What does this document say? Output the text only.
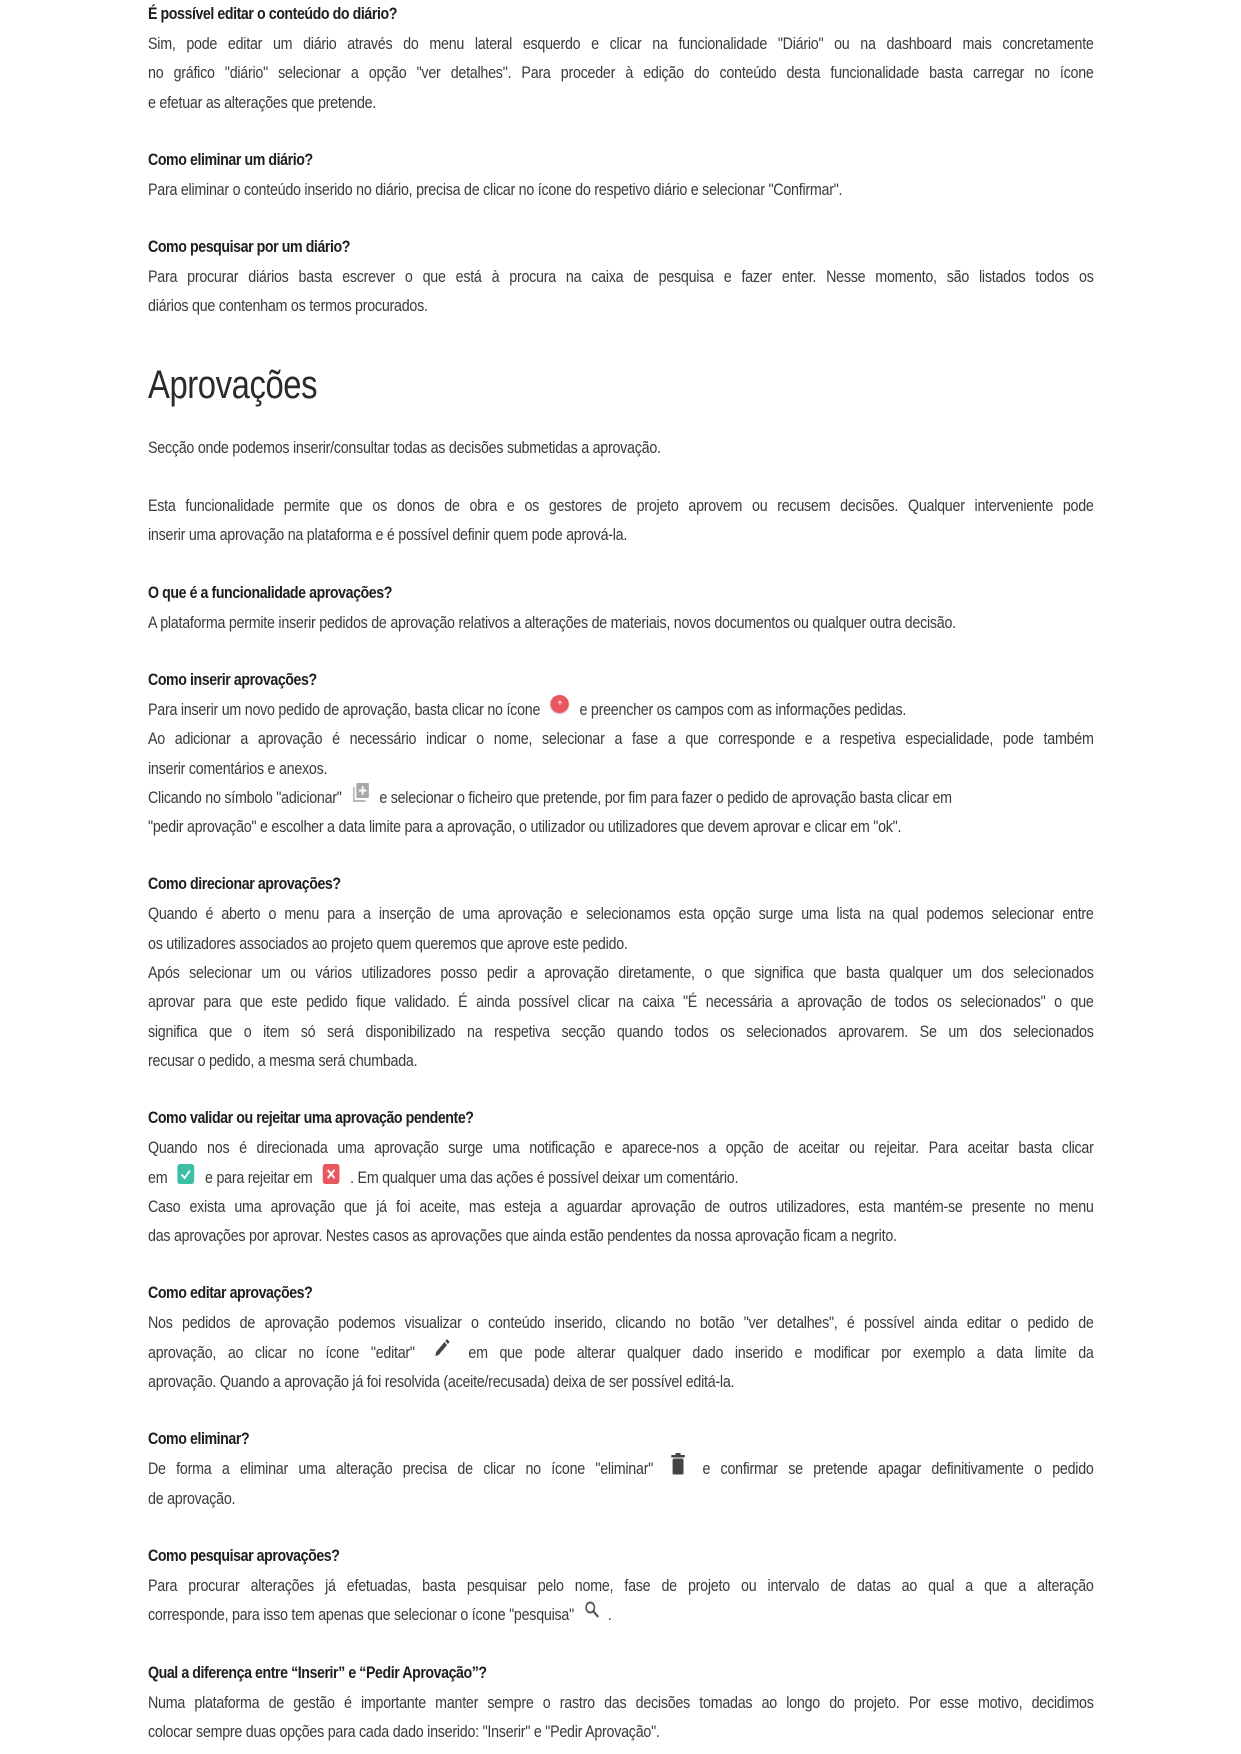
É possível editar o conteúdo do diário?
Sim, pode editar um diário através do menu lateral esquerdo e clicar na funcionalidade "Diário" ou na dashboard mais concretamente
no gráfico "diário" selecionar a opção "ver detalhes". Para proceder à edição do conteúdo desta funcionalidade basta carregar no ícone
e efetuar as alterações que pretende.
Como eliminar um diário?
Para eliminar o conteúdo inserido no diário, precisa de clicar no ícone do respetivo diário e selecionar "Confirmar".
Como pesquisar por um diário?
Para procurar diários basta escrever o que está à procura na caixa de pesquisa e fazer enter. Nesse momento, são listados todos os
diários que contenham os termos procurados.
Aprovações
Secção onde podemos inserir/consultar todas as decisões submetidas a aprovação.
Esta funcionalidade permite que os donos de obra e os gestores de projeto aprovem ou recusem decisões. Qualquer interveniente pode
inserir uma aprovação na plataforma e é possível definir quem pode aprová-la.
O que é a funcionalidade aprovações?
A plataforma permite inserir pedidos de aprovação relativos a alterações de materiais, novos documentos ou qualquer outra decisão.
Como inserir aprovações?
Para inserir um novo pedido de aprovação, basta clicar no ícone + e preencher os campos com as informações pedidas.
Ao adicionar a aprovação é necessário indicar o nome, selecionar a fase a que corresponde e a respetiva especialidade, pode também
inserir comentários e anexos.
Clicando no símbolo "adicionar" e selecionar o ficheiro que pretende, por fim para fazer o pedido de aprovação basta clicar em
"pedir aprovação" e escolher a data limite para a aprovação, o utilizador ou utilizadores que devem aprovar e clicar em "ok".
Como direcionar aprovações?
Quando é aberto o menu para a inserção de uma aprovação e selecionamos esta opção surge uma lista na qual podemos selecionar entre
os utilizadores associados ao projeto quem queremos que aprove este pedido.
Após selecionar um ou vários utilizadores posso pedir a aprovação diretamente, o que significa que basta qualquer um dos selecionados
aprovar para que este pedido fique validado. É ainda possível clicar na caixa "É necessária a aprovação de todos os selecionados" o que
significa que o item só será disponibilizado na respetiva secção quando todos os selecionados aprovarem. Se um dos selecionados
recusar o pedido, a mesma será chumbada.
Como validar ou rejeitar uma aprovação pendente?
Quando nos é direcionada uma aprovação surge uma notificação e aparece-nos a opção de aceitar ou rejeitar. Para aceitar basta clicar
em e para rejeitar em . Em qualquer uma das ações é possível deixar um comentário.
Caso exista uma aprovação que já foi aceite, mas esteja a aguardar aprovação de outros utilizadores, esta mantém-se presente no menu
das aprovações por aprovar. Nestes casos as aprovações que ainda estão pendentes da nossa aprovação ficam a negrito.
Como editar aprovações?
Nos pedidos de aprovação podemos visualizar o conteúdo inserido, clicando no botão "ver detalhes", é possível ainda editar o pedido de
aprovação, ao clicar no ícone "editar"	em que pode alterar qualquer dado inserido e modificar por exemplo a data limite da
aprovação. Quando a aprovação já foi resolvida (aceite/recusada) deixa de ser possível editá-la.
Como eliminar?
De forma a eliminar uma alteração precisa de clicar no ícone "eliminar"	e confirmar se pretende apagar definitivamente o pedido
de aprovação.
Como pesquisar aprovações?
Para procurar alterações já efetuadas, basta pesquisar pelo nome, fase de projeto ou intervalo de datas ao qual a que a alteração
corresponde, para isso tem apenas que selecionar o ícone "pesquisa" .
Qual a diferença entre “Inserir” e “Pedir Aprovação”?
Numa plataforma de gestão é importante manter sempre o rastro das decisões tomadas ao longo do projeto. Por esse motivo, decidimos
colocar sempre duas opções para cada dado inserido: "Inserir" e "Pedir Aprovação".
